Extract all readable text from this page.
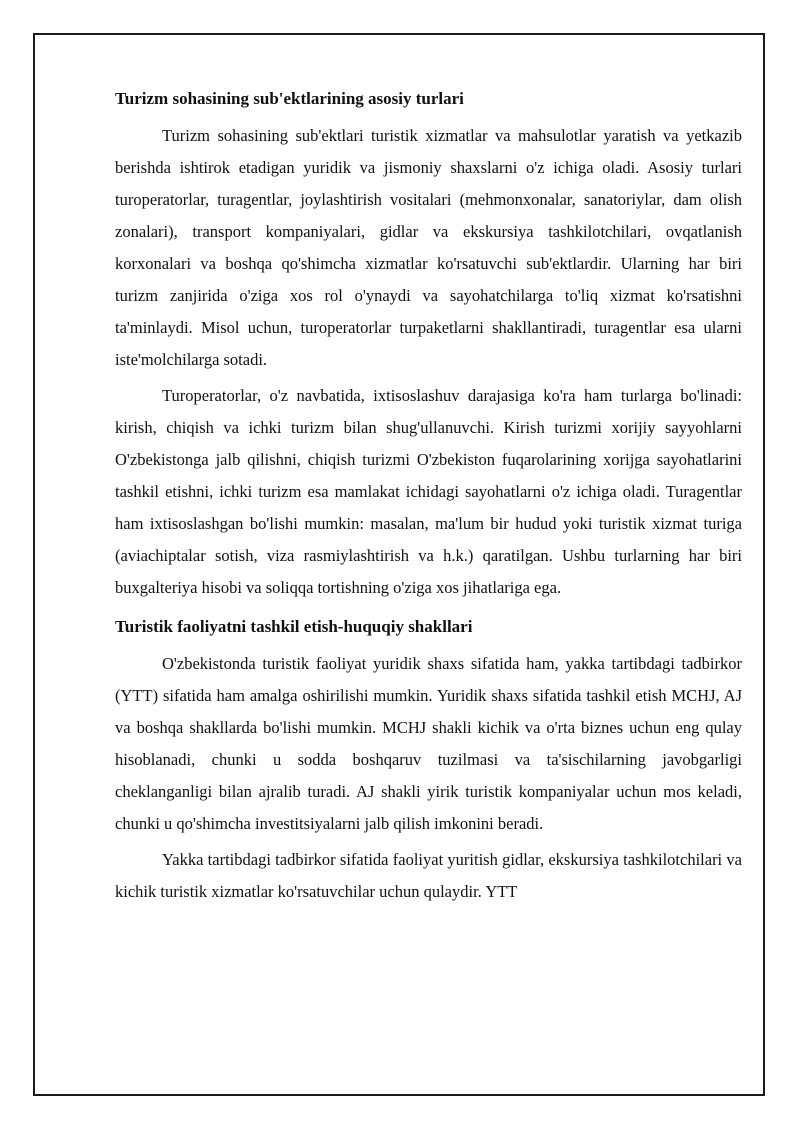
Turizm sohasining sub'ektlarining asosiy turlari

Turizm sohasining sub'ektlari turistik xizmatlar va mahsulotlar yaratish va yetkazib berishda ishtirok etadigan yuridik va jismoniy shaxslarni o'z ichiga oladi. Asosiy turlari turoperatorlar, turagentlar, joylashtirish vositalari (mehmonxonalar, sanatoriylar, dam olish zonalari), transport kompaniyalari, gidlar va ekskursiya tashkilotchilari, ovqatlanish korxonalari va boshqa qo'shimcha xizmatlar ko'rsatuvchi sub'ektlardir. Ularning har biri turizm zanjirida o'ziga xos rol o'ynaydi va sayohatchilarga to'liq xizmat ko'rsatishni ta'minlaydi. Misol uchun, turoperatorlar turpaketlarni shakllantiradi, turagentlar esa ularni iste'molchilarga sotadi.

Turoperatorlar, o'z navbatida, ixtisoslashuv darajasiga ko'ra ham turlarga bo'linadi: kirish, chiqish va ichki turizm bilan shug'ullanuvchi. Kirish turizmi xorijiy sayyohlarni O'zbekistonga jalb qilishni, chiqish turizmi O'zbekiston fuqarolarining xorijga sayohatlarini tashkil etishni, ichki turizm esa mamlakat ichidagi sayohatlarni o'z ichiga oladi. Turagentlar ham ixtisoslashgan bo'lishi mumkin: masalan, ma'lum bir hudud yoki turistik xizmat turiga (aviachiptalar sotish, viza rasmiylashtirish va h.k.) qaratilgan. Ushbu turlarning har biri buxgalteriya hisobi va soliqqa tortishning o'ziga xos jihatlariga ega.

Turistik faoliyatni tashkil etish-huquqiy shakllari

O'zbekistonda turistik faoliyat yuridik shaxs sifatida ham, yakka tartibdagi tadbirkor (YTT) sifatida ham amalga oshirilishi mumkin. Yuridik shaxs sifatida tashkil etish MCHJ, AJ va boshqa shakllarda bo'lishi mumkin. MCHJ shakli kichik va o'rta biznes uchun eng qulay hisoblanadi, chunki u sodda boshqaruv tuzilmasi va ta'sischilarning javobgarligi cheklanganligi bilan ajralib turadi. AJ shakli yirik turistik kompaniyalar uchun mos keladi, chunki u qo'shimcha investitsiyalarni jalb qilish imkonini beradi.

Yakka tartibdagi tadbirkor sifatida faoliyat yuritish gidlar, ekskursiya tashkilotchilari va kichik turistik xizmatlar ko'rsatuvchilar uchun qulaydir. YTT
